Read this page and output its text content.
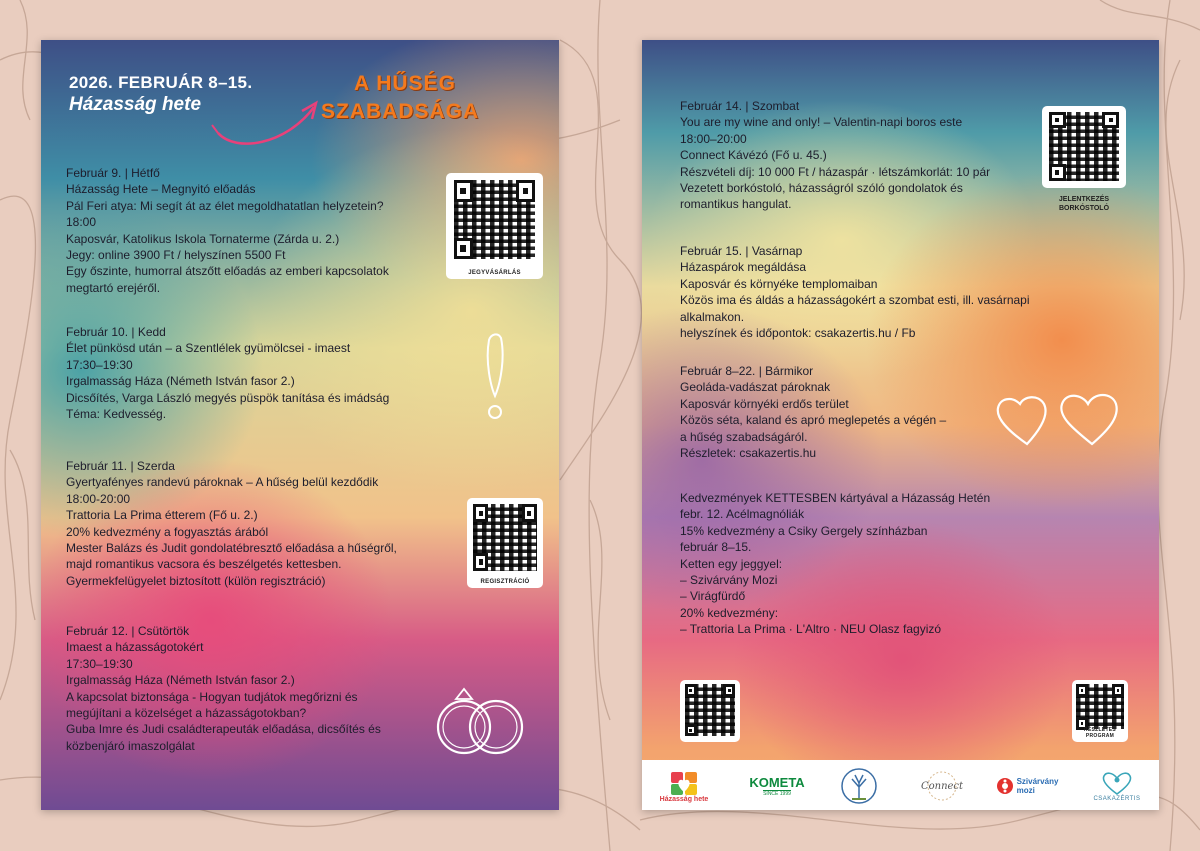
2026. FEBRUÁR 8–15.
Házasság hete
A HŰSÉG
SZABADSÁGA
Február 9. | Hétfő
Házasság Hete – Megnyitó előadás
Pál Feri atya: Mi segít át az élet megoldhatatlan helyzetein?
18:00
Kaposvár, Katolikus Iskola Tornaterme (Zárda u. 2.)
Jegy: online 3900 Ft / helyszínen 5500 Ft
Egy őszinte, humorral átszőtt előadás az emberi kapcsolatok
megtartó erejéről.
Február 10. | Kedd
Élet pünkösd után – a Szentlélek gyümölcsei - imaest
17:30–19:30
Irgalmasság Háza (Németh István fasor 2.)
Dicsőítés, Varga László megyés püspök tanítása és imádság
Téma: Kedvesség.
Február 11. | Szerda
Gyertyafényes randevú pároknak – A hűség belül kezdődik
18:00-20:00
Trattoria La Prima étterem (Fő u. 2.)
20% kedvezmény a fogyasztás árából
Mester Balázs és Judit gondolatébresztő előadása a hűségről,
majd romantikus vacsora és beszélgetés kettesben.
Gyermekfelügyelet biztosított (külön regisztráció)
Február 12. | Csütörtök
Imaest a házasságotokért
17:30–19:30
Irgalmasság Háza (Németh István fasor 2.)
A kapcsolat biztonsága - Hogyan tudjátok megőrizni és
megújítani a közelséget a házasságotokban?
Guba Imre és Judi családterapeuták előadása, dicsőítés és
közbenjáró imaszolgálat
JEGYVÁSÁRLÁS
REGISZTRÁCIÓ
Február 14. | Szombat
You are my wine and only! – Valentin-napi boros este
18:00–20:00
Connect Kávézó (Fő u. 45.)
Részvételi díj: 10 000 Ft / házaspár · létszámkorlát: 10 pár
Vezetett borkóstoló, házasságról szóló gondolatok és
romantikus hangulat.
Február 15. | Vasárnap
Házaspárok megáldása
Kaposvár és környéke templomaiban
Közös ima és áldás a házasságokért a szombat esti, ill. vasárnapi
alkalmakon.
helyszínek és időpontok: csakazertis.hu / Fb
Február 8–22. | Bármikor
Geoláda-vadászat pároknak
Kaposvár környéki erdős terület
Közös séta, kaland és apró meglepetés a végén –
a hűség szabadságáról.
Részletek: csakazertis.hu
Kedvezmények KETTESBEN kártyával a Házasság Hetén
febr. 12. Acélmagnóliák
15% kedvezmény a Csiky Gergely színházban
február 8–15.
Ketten egy jeggyel:
– Szivárvány Mozi
– Virágfürdő
20% kedvezmény:
– Trattoria La Prima · L'Altro · NEU Olasz fagyizó
JELENTKEZÉS
BORKÓSTOLÓ
RÉSZLETES PROGRAM
Házasság hete
KOMETA
SINCE 1999
Connect	Szivárvány
mozi
CSAKAZÉRTIS
